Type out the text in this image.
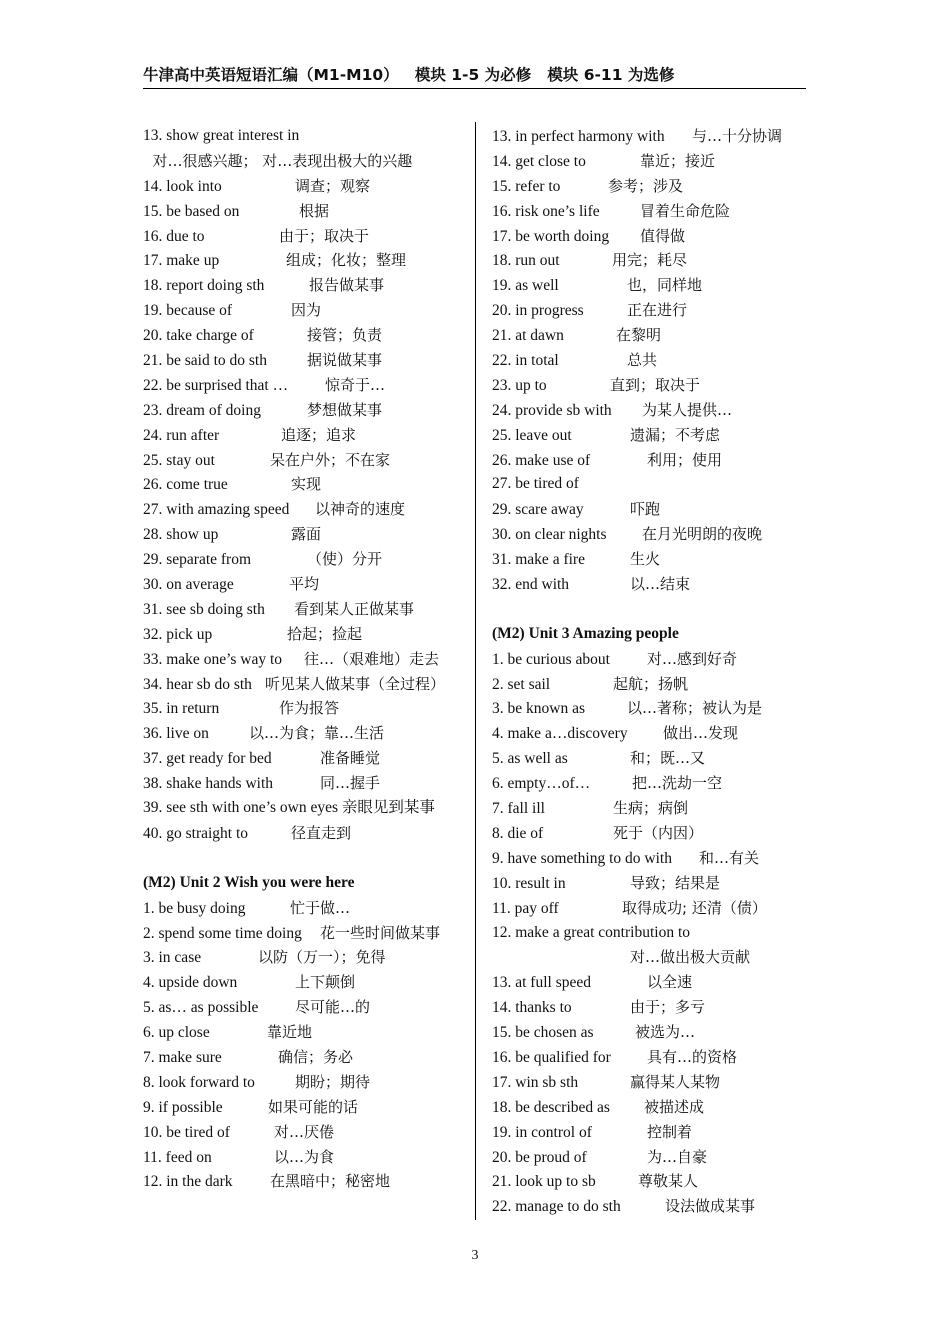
牛津高中英语短语汇编（M1-M10）   模块 1-5 为必修   模块 6-11 为选修
13. show great interest in
对…很感兴趣； 对…表现出极大的兴趣
14. look into	调查；观察
15. be based on	根据
16. due to	由于；取决于
17. make up	组成；化妆；整理
18. report doing sth	报告做某事
19. because of	因为
20. take charge of	接管；负责
21. be said to do sth	据说做某事
22. be surprised that … 惊奇于…
23. dream of doing	梦想做某事
24. run after	追逐；追求
25. stay out	呆在户外；不在家
26. come true	实现
27. with amazing speed 以神奇的速度
28. show up	露面
29. separate from	（使）分开
30. on average	平均
31. see sb doing sth 看到某人正做某事
32. pick up	拾起；捡起
33. make one’s way to 往…（艰难地）走去
34. hear sb do sth 听见某人做某事（全过程）
35. in return	作为报答
36. live on	以…为食；靠…生活
37. get ready for bed	准备睡觉
38. shake hands with	同…握手
39. see sth with one’s own eyes 亲眼见到某事
40. go straight to	径直走到
(M2) Unit 2 Wish you were here
1. be busy doing	忙于做…
2. spend some time doing 花一些时间做某事
3. in case	以防（万一）；免得
4. upside down	上下颠倒
5. as… as possible 尽可能…的
6. up close	靠近地
7. make sure	确信；务必
8. look forward to	期盼；期待
9. if possible	如果可能的话
10. be tired of	对…厌倦
11. feed on	以…为食
12. in the dark 在黑暗中；秘密地
13. in perfect harmony with 与…十分协调
14. get close to	靠近；接近
15. refer to	参考；涉及
16. risk one’s life	冒着生命危险
17. be worth doing 值得做
18. run out	用完；耗尽
19. as well	也，同样地
20. in progress	正在进行
21. at dawn	在黎明
22. in total	总共
23. up to	直到；取决于
24. provide sb with 为某人提供…
25. leave out	遗漏；不考虑
26. make use of	利用；使用
27. be tired of
29. scare away	吓跑
30. on clear nights 在月光明朗的夜晚
31. make a fire	生火
32. end with	以…结束
(M2) Unit 3 Amazing people
1. be curious about 对…感到好奇
2. set sail	起航；扬帆
3. be known as	以…著称；被认为是
4. make a…discovery 做出…发现
5. as well as	和；既…又
6. empty…of…	把…洗劫一空
7. fall ill	生病；病倒
8. die of	死于（内因）
9. have something to do with 和…有关
10. result in	导致；结果是
11. pay off	取得成功; 还清（债）
12. make a great contribution to
对…做出极大贡献
13. at full speed	以全速
14. thanks to	由于；多亏
15. be chosen as	被选为…
16. be qualified for 具有…的资格
17. win sb sth	赢得某人某物
18. be described as 被描述成
19. in control of	控制着
20. be proud of	为…自豪
21. look up to sb	尊敬某人
22. manage to do sth	设法做成某事
3
